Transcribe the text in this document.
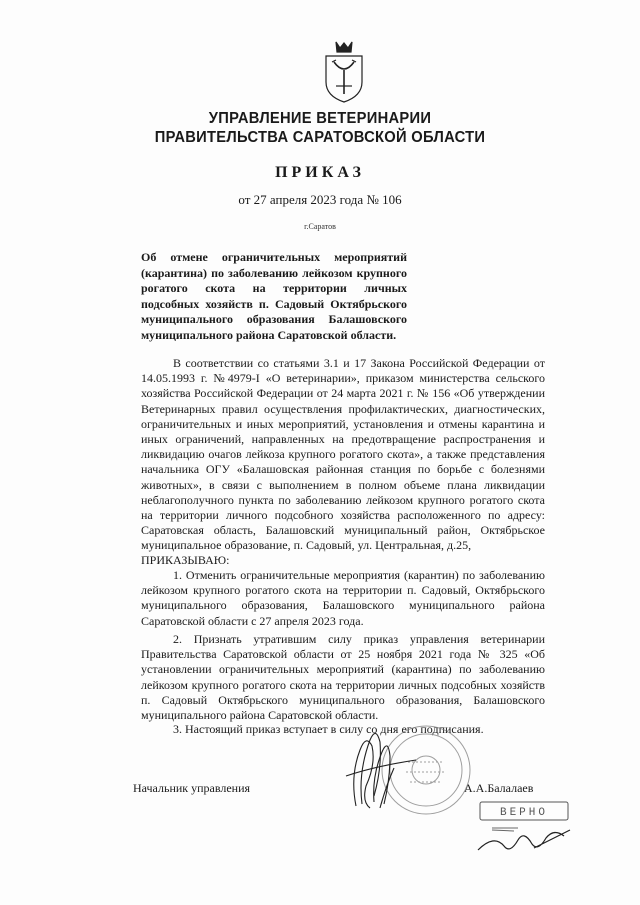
УПРАВЛЕНИЕ ВЕТЕРИНАРИИ
ПРАВИТЕЛЬСТВА САРАТОВСКОЙ ОБЛАСТИ
ПРИКАЗ
от 27 апреля 2023 года № 106
г.Саратов
Об отмене ограничительных мероприятий (карантина) по заболеванию лейкозом крупного рогатого скота на территории личных подсобных хозяйств п. Садовый Октябрьского муниципального образования Балашовского муниципального района Саратовской области.
В соответствии со статьями 3.1 и 17 Закона Российской Федерации от 14.05.1993 г. №4979-I «О ветеринарии», приказом министерства сельского хозяйства Российской Федерации от 24 марта 2021 г. № 156 «Об утверждении Ветеринарных правил осуществления профилактических, диагностических, ограничительных и иных мероприятий, установления и отмены карантина и иных ограничений, направленных на предотвращение распространения и ликвидацию очагов лейкоза крупного рогатого скота», а также представления начальника ОГУ «Балашовская районная станция по борьбе с болезнями животных», в связи с выполнением в полном объеме плана ликвидации неблагополучного пункта по заболеванию лейкозом крупного рогатого скота на территории личного подсобного хозяйства расположенного по адресу: Саратовская область, Балашовский муниципальный район, Октябрьское муниципальное образование, п. Садовый, ул. Центральная, д.25,
ПРИКАЗЫВАЮ:
1. Отменить ограничительные мероприятия (карантин) по заболеванию лейкозом крупного рогатого скота на территории п. Садовый, Октябрьского муниципального образования, Балашовского муниципального района Саратовской области с 27 апреля 2023 года.
2. Признать утратившим силу приказ управления ветеринарии Правительства Саратовской области от 25 ноября 2021 года № 325 «Об установлении ограничительных мероприятий (карантина) по заболеванию лейкозом крупного рогатого скота на территории личных подсобных хозяйств п. Садовый Октябрьского муниципального образования, Балашовского муниципального района Саратовской области.
3. Настоящий приказ вступает в силу со дня его подписания.
Начальник управления	А.А.Балалаев
ВЕРНО
